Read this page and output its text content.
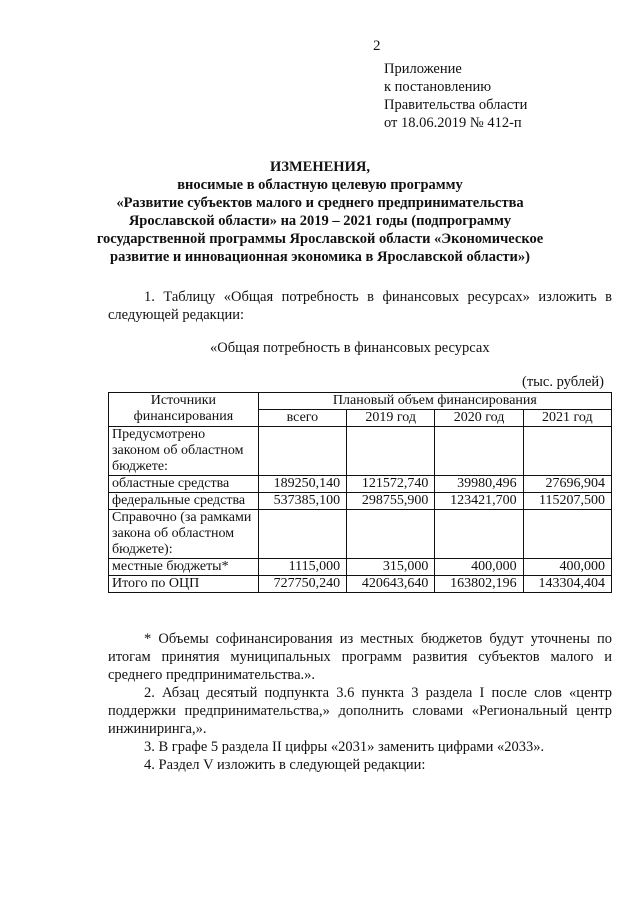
2
Приложение
к постановлению
Правительства области
от 18.06.2019 № 412-п
ИЗМЕНЕНИЯ,
вносимые в областную целевую программу
«Развитие субъектов малого и среднего предпринимательства
Ярославской области» на 2019 – 2021 годы (подпрограмму
государственной программы Ярославской области «Экономическое
развитие и инновационная экономика в Ярославской области»)
1. Таблицу «Общая потребность в финансовых ресурсах» изложить в следующей редакции:
«Общая потребность в финансовых ресурсах
(тыс. рублей)
Источники финансирования	Плановый объем финансирования			
	всего	2019 год	2020 год	2021 год
Предусмотрено законом об областном бюджете:				
областные средства	189250,140	121572,740	39980,496	27696,904
федеральные средства	537385,100	298755,900	123421,700	115207,500
Справочно (за рамками закона об областном бюджете):				
местные бюджеты*	1115,000	315,000	400,000	400,000
Итого по ОЦП	727750,240	420643,640	163802,196	143304,404
* Объемы софинансирования из местных бюджетов будут уточнены по итогам принятия муниципальных программ развития субъектов малого и среднего предпринимательства.».
2. Абзац десятый подпункта 3.6 пункта 3 раздела I после слов «центр поддержки предпринимательства,» дополнить словами «Региональный центр инжиниринга,».
3. В графе 5 раздела II цифры «2031» заменить цифрами «2033».
4. Раздел V изложить в следующей редакции:
